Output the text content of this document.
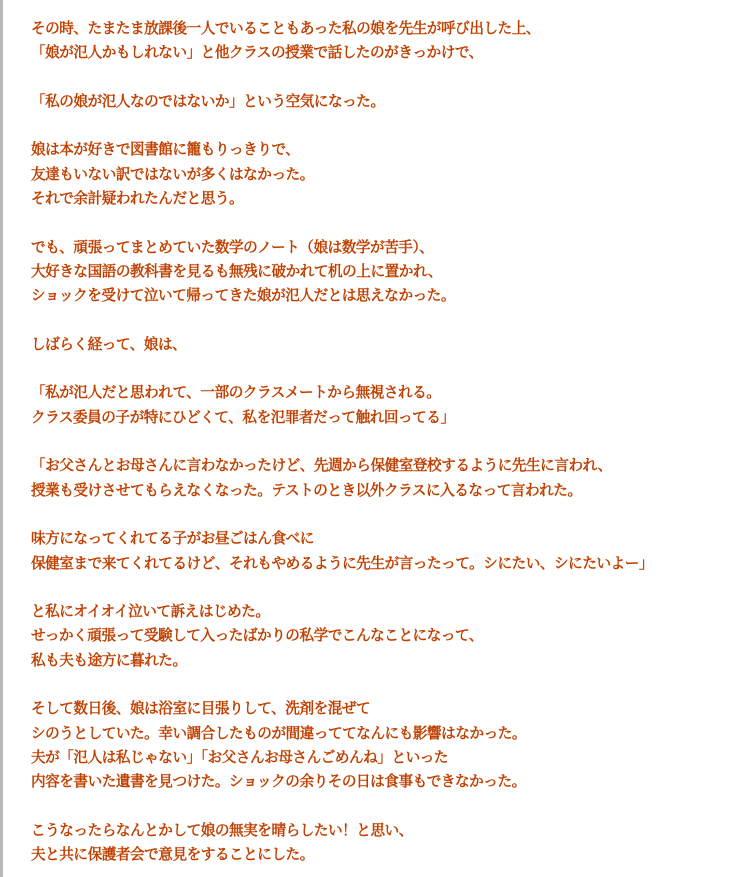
その時、たまたま放課後一人でいることもあった私の娘を先生が呼び出した上、
「娘が氾人かもしれない」と他クラスの授業で話したのがきっかけで、
「私の娘が氾人なのではないか」という空気になった。
娘は本が好きで図書館に籠もりっきりで、
友達もいない訳ではないが多くはなかった。
それで余計疑われたんだと思う。
でも、頑張ってまとめていた数学のノート（娘は数学が苦手）、
大好きな国語の教科書を見るも無残に破かれて机の上に置かれ、
ショックを受けて泣いて帰ってきた娘が氾人だとは思えなかった。
しばらく経って、娘は、
「私が氾人だと思われて、一部のクラスメートから無視される。
クラス委員の子が特にひどくて、私を氾罪者だって触れ回ってる」
「お父さんとお母さんに言わなかったけど、先週から保健室登校するように先生に言われ、
授業も受けさせてもらえなくなった。テストのとき以外クラスに入るなって言われた。
味方になってくれてる子がお昼ごはん食べに
保健室まで来てくれてるけど、それもやめるように先生が言ったって。シにたい、シにたいよー」
と私にオイオイ泣いて訴えはじめた。
せっかく頑張って受験して入ったばかりの私学でこんなことになって、
私も夫も途方に暮れた。
そして数日後、娘は浴室に目張りして、洗剤を混ぜて
シのうとしていた。幸い調合したものが間違っててなんにも影響はなかった。
夫が「氾人は私じゃない」「お父さんお母さんごめんね」といった
内容を書いた遺書を見つけた。ショックの余りその日は食事もできなかった。
こうなったらなんとかして娘の無実を晴らしたい！と思い、
夫と共に保護者会で意見をすることにした。
